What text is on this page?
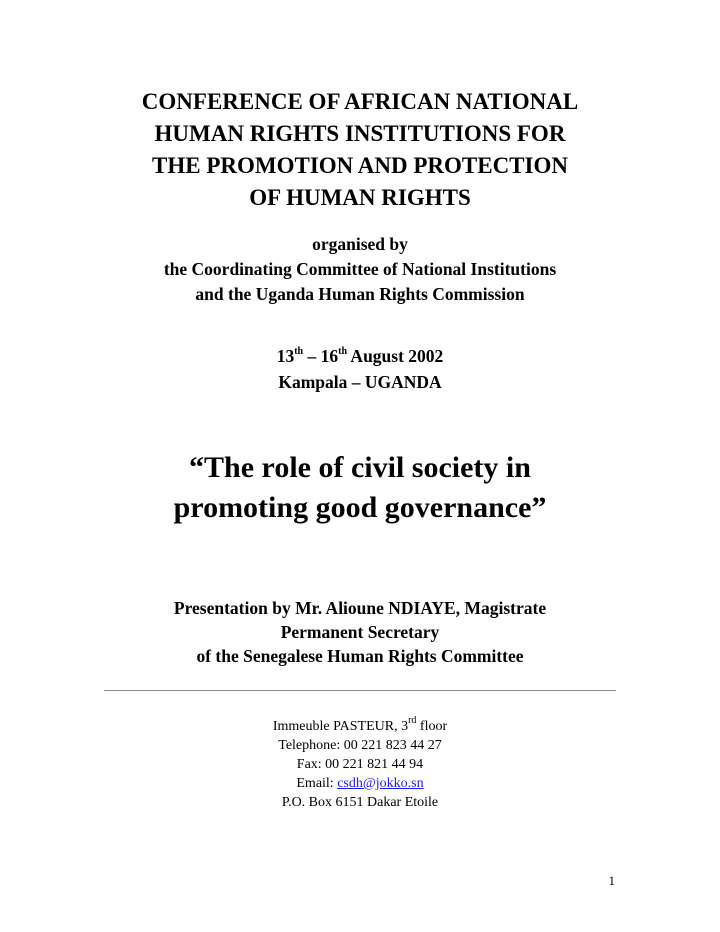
CONFERENCE OF AFRICAN NATIONAL
HUMAN RIGHTS INSTITUTIONS FOR
THE PROMOTION AND PROTECTION
OF HUMAN RIGHTS
organised by
the Coordinating Committee of National Institutions
and the Uganda Human Rights Commission
13th – 16th August 2002
Kampala – UGANDA
“The role of civil society in
promoting good governance”
Presentation by Mr. Alioune NDIAYE, Magistrate
Permanent Secretary
of the Senegalese Human Rights Committee
Immeuble PASTEUR, 3rd floor
Telephone: 00 221 823 44 27
Fax: 00 221 821 44 94
Email: csdh@jokko.sn
P.O. Box 6151 Dakar Etoile
1
